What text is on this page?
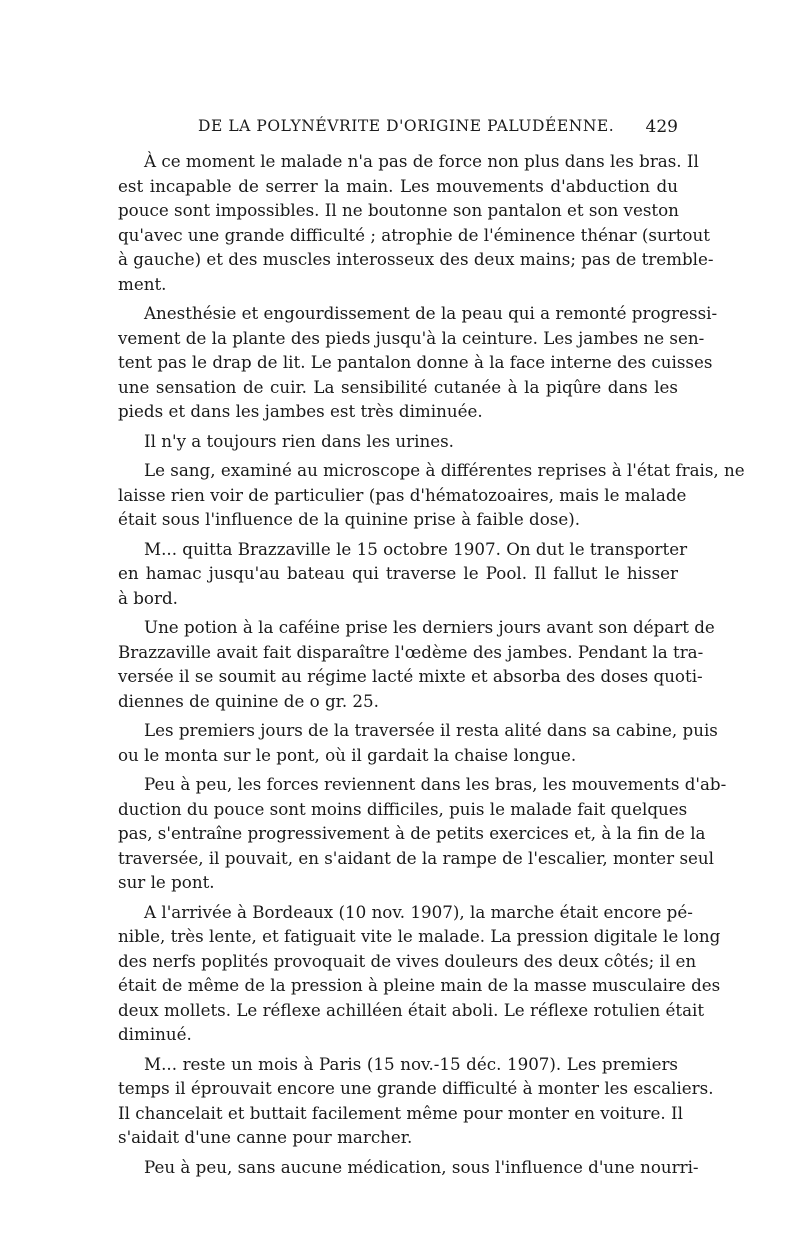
DE LA POLYNÉVRITE D'ORIGINE PALUDÉENNE. 429
À ce moment le malade n'a pas de force non plus dans les bras. Il
est incapable de serrer la main. Les mouvements d'abduction du
pouce sont impossibles. Il ne boutonne son pantalon et son veston
qu'avec une grande difficulté ; atrophie de l'éminence thénar (surtout
à gauche) et des muscles interosseux des deux mains; pas de tremble-
ment.
Anesthésie et engourdissement de la peau qui a remonté progressi-
vement de la plante des pieds jusqu'à la ceinture. Les jambes ne sen-
tent pas le drap de lit. Le pantalon donne à la face interne des cuisses
une sensation de cuir. La sensibilité cutanée à la piqûre dans les
pieds et dans les jambes est très diminuée.
Il n'y a toujours rien dans les urines.
Le sang, examiné au microscope à différentes reprises à l'état frais, ne
laisse rien voir de particulier (pas d'hématozoaires, mais le malade
était sous l'influence de la quinine prise à faible dose).
M... quitta Brazzaville le 15 octobre 1907. On dut le transporter
en hamac jusqu'au bateau qui traverse le Pool. Il fallut le hisser
à bord.
Une potion à la caféine prise les derniers jours avant son départ de
Brazzaville avait fait disparaître l'œdème des jambes. Pendant la tra-
versée il se soumit au régime lacté mixte et absorba des doses quoti-
diennes de quinine de o gr. 25.
Les premiers jours de la traversée il resta alité dans sa cabine, puis
ou le monta sur le pont, où il gardait la chaise longue.
Peu à peu, les forces reviennent dans les bras, les mouvements d'ab-
duction du pouce sont moins difficiles, puis le malade fait quelques
pas, s'entraîne progressivement à de petits exercices et, à la fin de la
traversée, il pouvait, en s'aidant de la rampe de l'escalier, monter seul
sur le pont.
A l'arrivée à Bordeaux (10 nov. 1907), la marche était encore pé-
nible, très lente, et fatiguait vite le malade. La pression digitale le long
des nerfs poplités provoquait de vives douleurs des deux côtés; il en
était de même de la pression à pleine main de la masse musculaire des
deux mollets. Le réflexe achilléen était aboli. Le réflexe rotulien était
diminué.
M... reste un mois à Paris (15 nov.-15 déc. 1907). Les premiers
temps il éprouvait encore une grande difficulté à monter les escaliers.
Il chancelait et buttait facilement même pour monter en voiture. Il
s'aidait d'une canne pour marcher.
Peu à peu, sans aucune médication, sous l'influence d'une nourri-
